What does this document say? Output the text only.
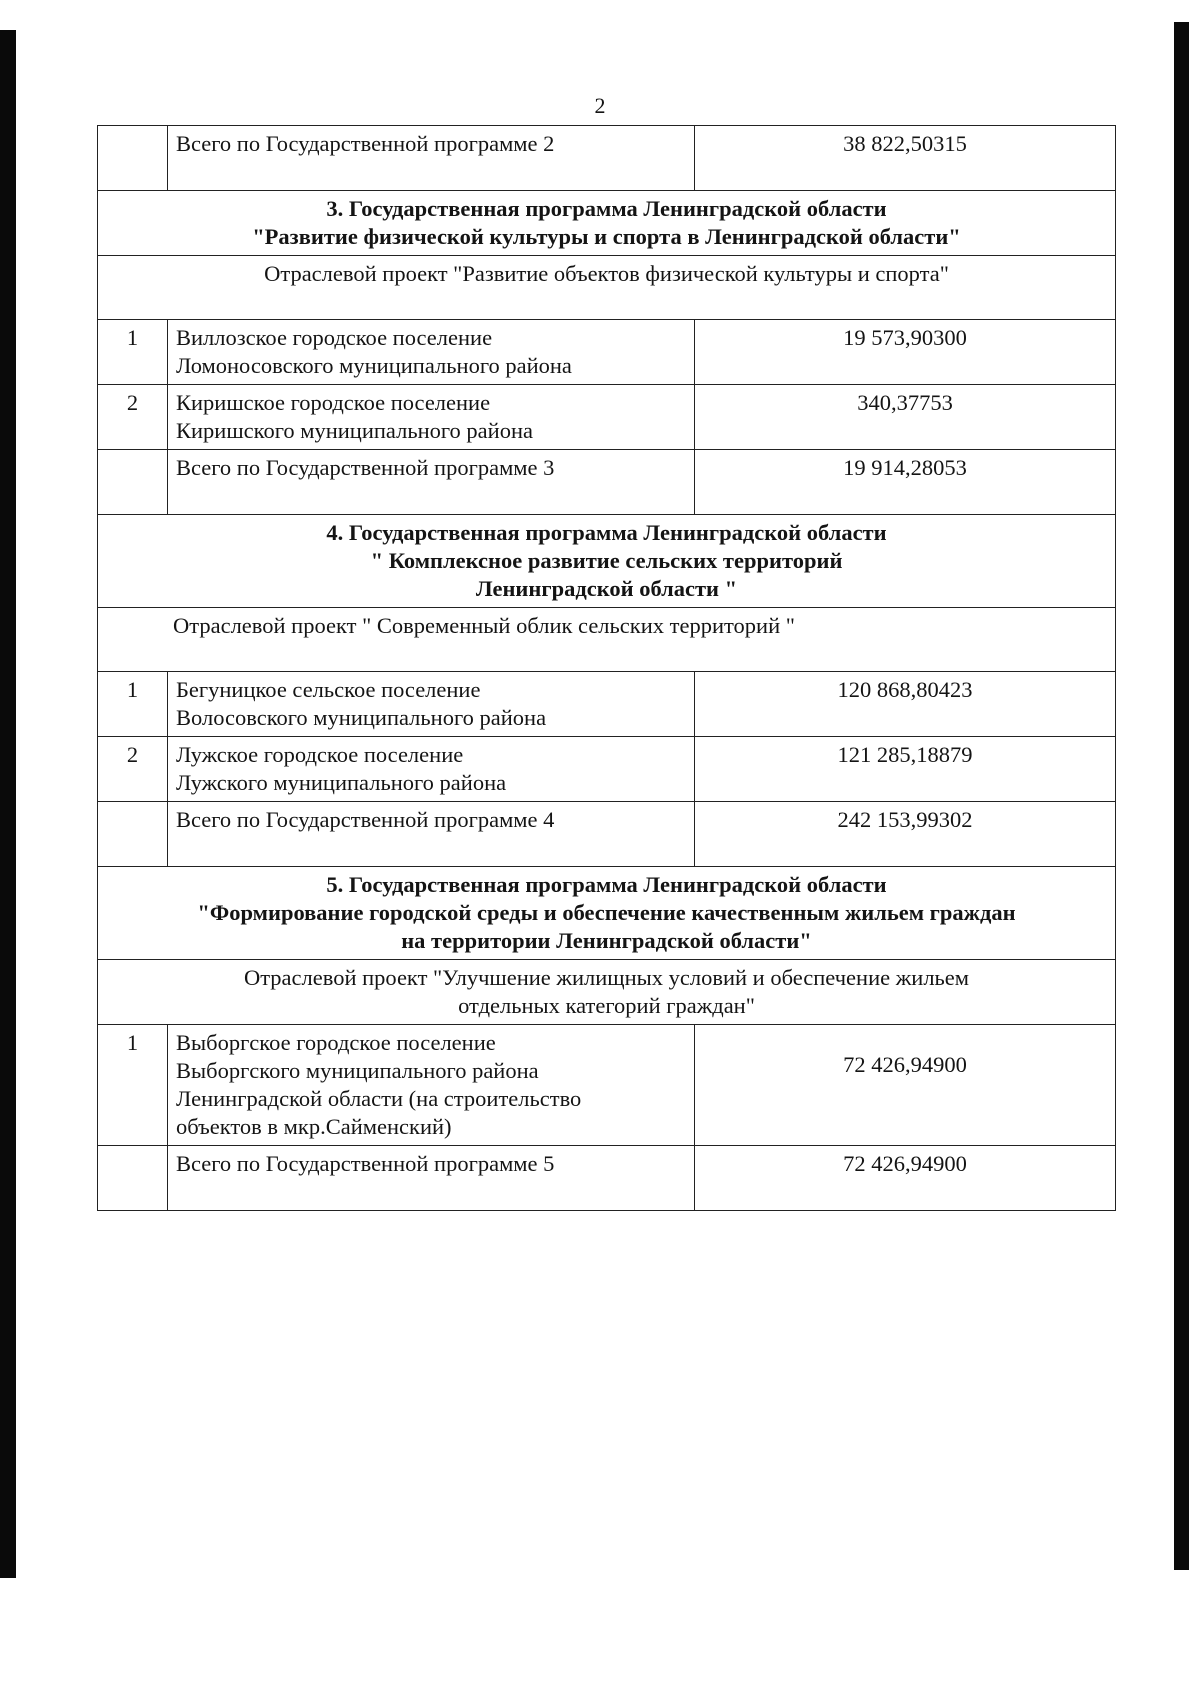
2
	Всего по Государственной программе 2	38 822,50315

3. Государственная программа Ленинградской области
"Развитие физической культуры и спорта в Ленинградской области"		

Отраслевой проект "Развитие объектов физической культуры и спорта"		

1	Виллозское городское поселение
Ломоносовского муниципального района	19 573,90300
2	Киришское городское поселение
Киришского муниципального района	340,37753
	Всего по Государственной программе 3	19 914,28053

4. Государственная программа Ленинградской области
" Комплексное развитие сельских территорий
Ленинградской области "		

Отраслевой проект " Современный облик сельских территорий "		

1	Бегуницкое сельское поселение
Волосовского муниципального района	120 868,80423
2	Лужское городское поселение
Лужского муниципального района	121 285,18879
	Всего по Государственной программе 4	242 153,99302

5. Государственная программа Ленинградской области
"Формирование городской среды и обеспечение качественным жильем граждан
на территории Ленинградской области"		

Отраслевой проект "Улучшение жилищных условий и обеспечение жильем
отдельных категорий граждан"		

1	Выборгское городское поселение
Выборгского муниципального района
Ленинградской области (на строительство
объектов в мкр.Сайменский)	72 426,94900
	Всего по Государственной программе 5	72 426,94900
